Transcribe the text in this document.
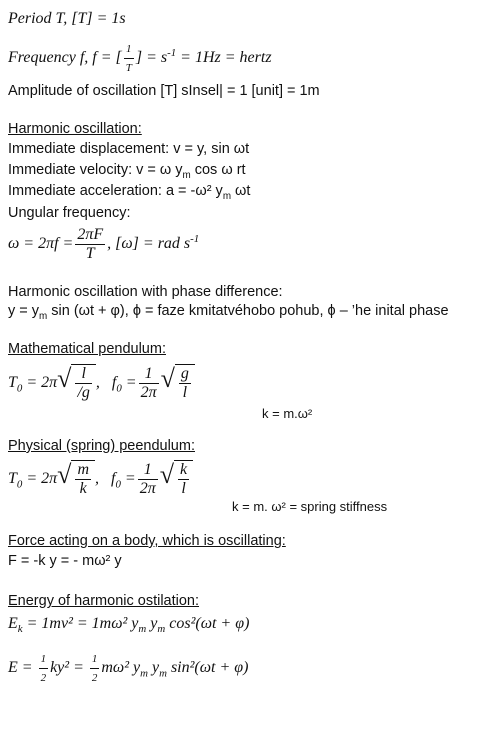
Period T, [T] = 1s
Frequency f, f = [ $\frac{1}{T}$ ] = $s^{-1} = 1Hz$ = hertz
Amplitude of oscillation [T] sInsel| = 1 [unit] = 1m
Harmonic oscillation:
Immediate displacement: v = y, sin ωt
Immediate velocity: v = ω $y_m$ cos ω rt
Immediate acceleration: a = -ω² $y_m$ ωt
Ungular frequency:
$\omega = 2\pi f = \frac{2\pi F}{T}$ , [ω] = rad $s^{-1}$
Harmonic oscillation with phase difference:
$y = y_m$ sin (ωt + φ), ϕ = faze kmitatvéhobo pohub, ϕ – ’he inital phase
Mathematical pendulum:
$T_0 = 2\pi√ \frac{l}{/g}$ ,   $f_0 = \frac{1}{2\pi}$ √ $\frac{g}{l}$
k = m.ω²
Physical (spring) peendulum:
$T_0 = 2\pi√ \frac{m}{k}$ ,   $f_0 = \frac{1}{2\pi}$ √ $\frac{k}{l}$
k = m. ω² = spring stiffness
Force acting on a body, which is oscillating:
F = -k y = - mω² y
Energy of harmonic ostilation:
$E_k = 1mv^2 = 1m\omega^2$ $y_m$ $y_m$ cos²(ωt + φ)
$E = \frac{1}{2} ky^2 = \frac{1}{2} m\omega^2$ $y_m$ $y_m$ sin²(ωt + φ)
